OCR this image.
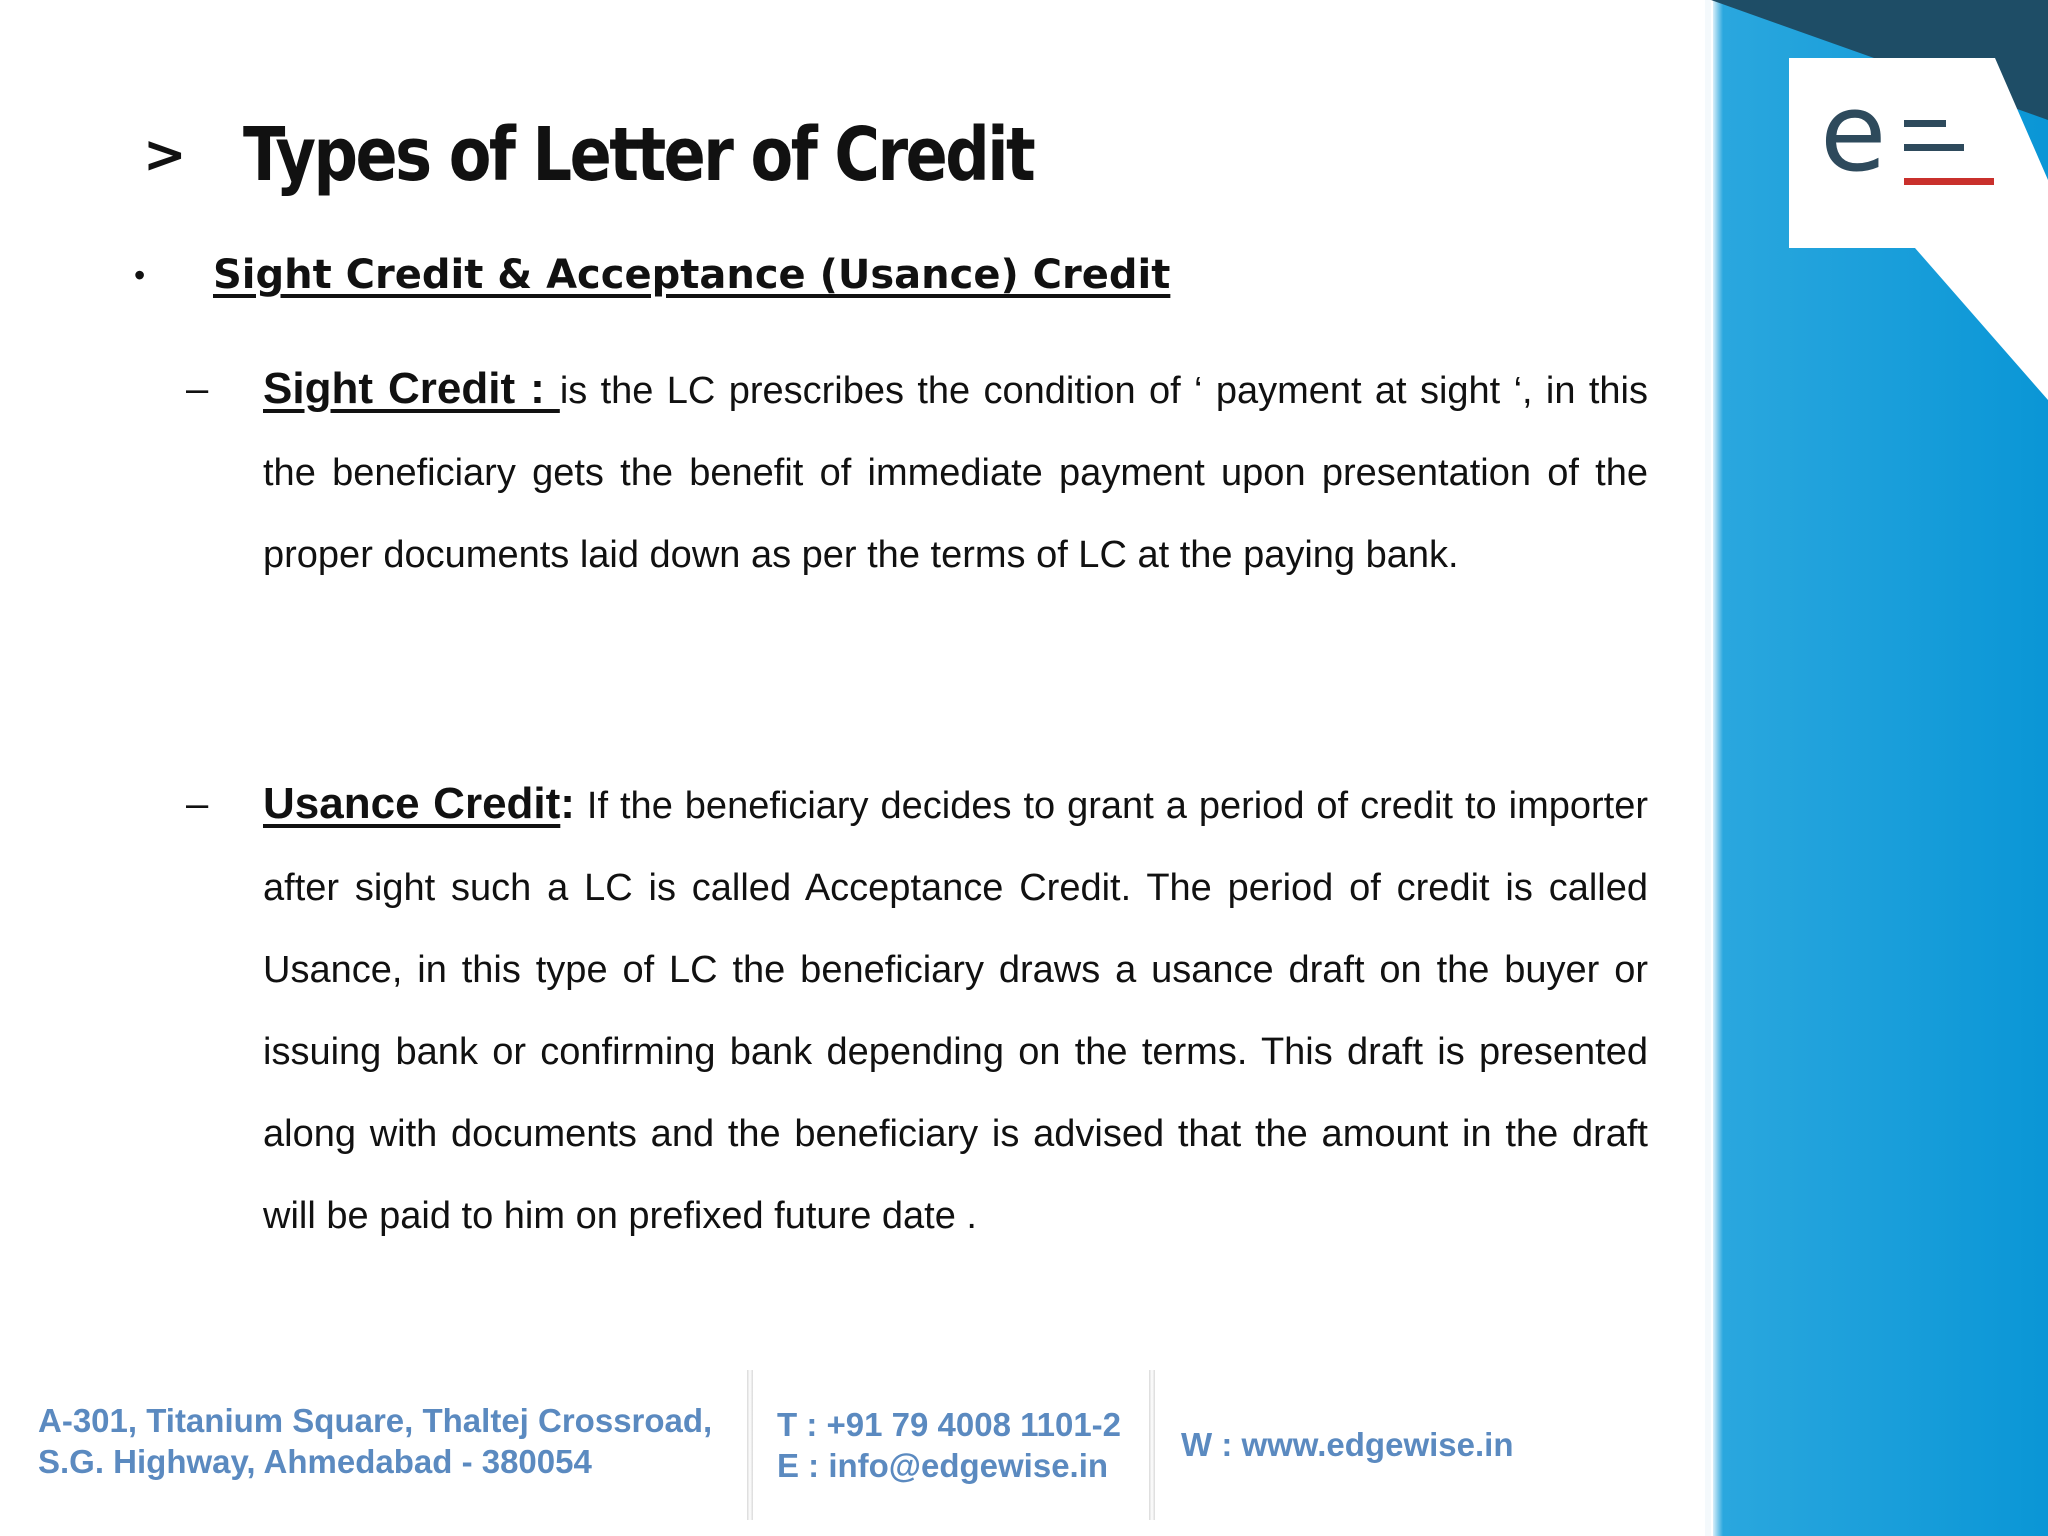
e
> Types of Letter of Credit
•	Sight Credit & Acceptance (Usance) Credit
– Sight Credit : is the LC prescribes the condition of ‘ payment at sight ‘, in this the beneficiary gets the benefit of immediate payment upon presentation of the proper documents laid down as per the terms of LC at the paying bank.

– Usance Credit: If the beneficiary decides to grant a period of credit to importer after sight such a LC is called Acceptance Credit. The period of credit is called Usance, in this type of LC the beneficiary draws a usance draft on the buyer or issuing bank or confirming bank depending on the terms. This draft is presented along with documents and the beneficiary is advised that the amount in the draft will be paid to him on prefixed future date .

A-301, Titanium Square, Thaltej Crossroad,
S.G. Highway, Ahmedabad - 380054
T : +91 79 4008 1101-2
E : info@edgewise.in
W : www.edgewise.in
